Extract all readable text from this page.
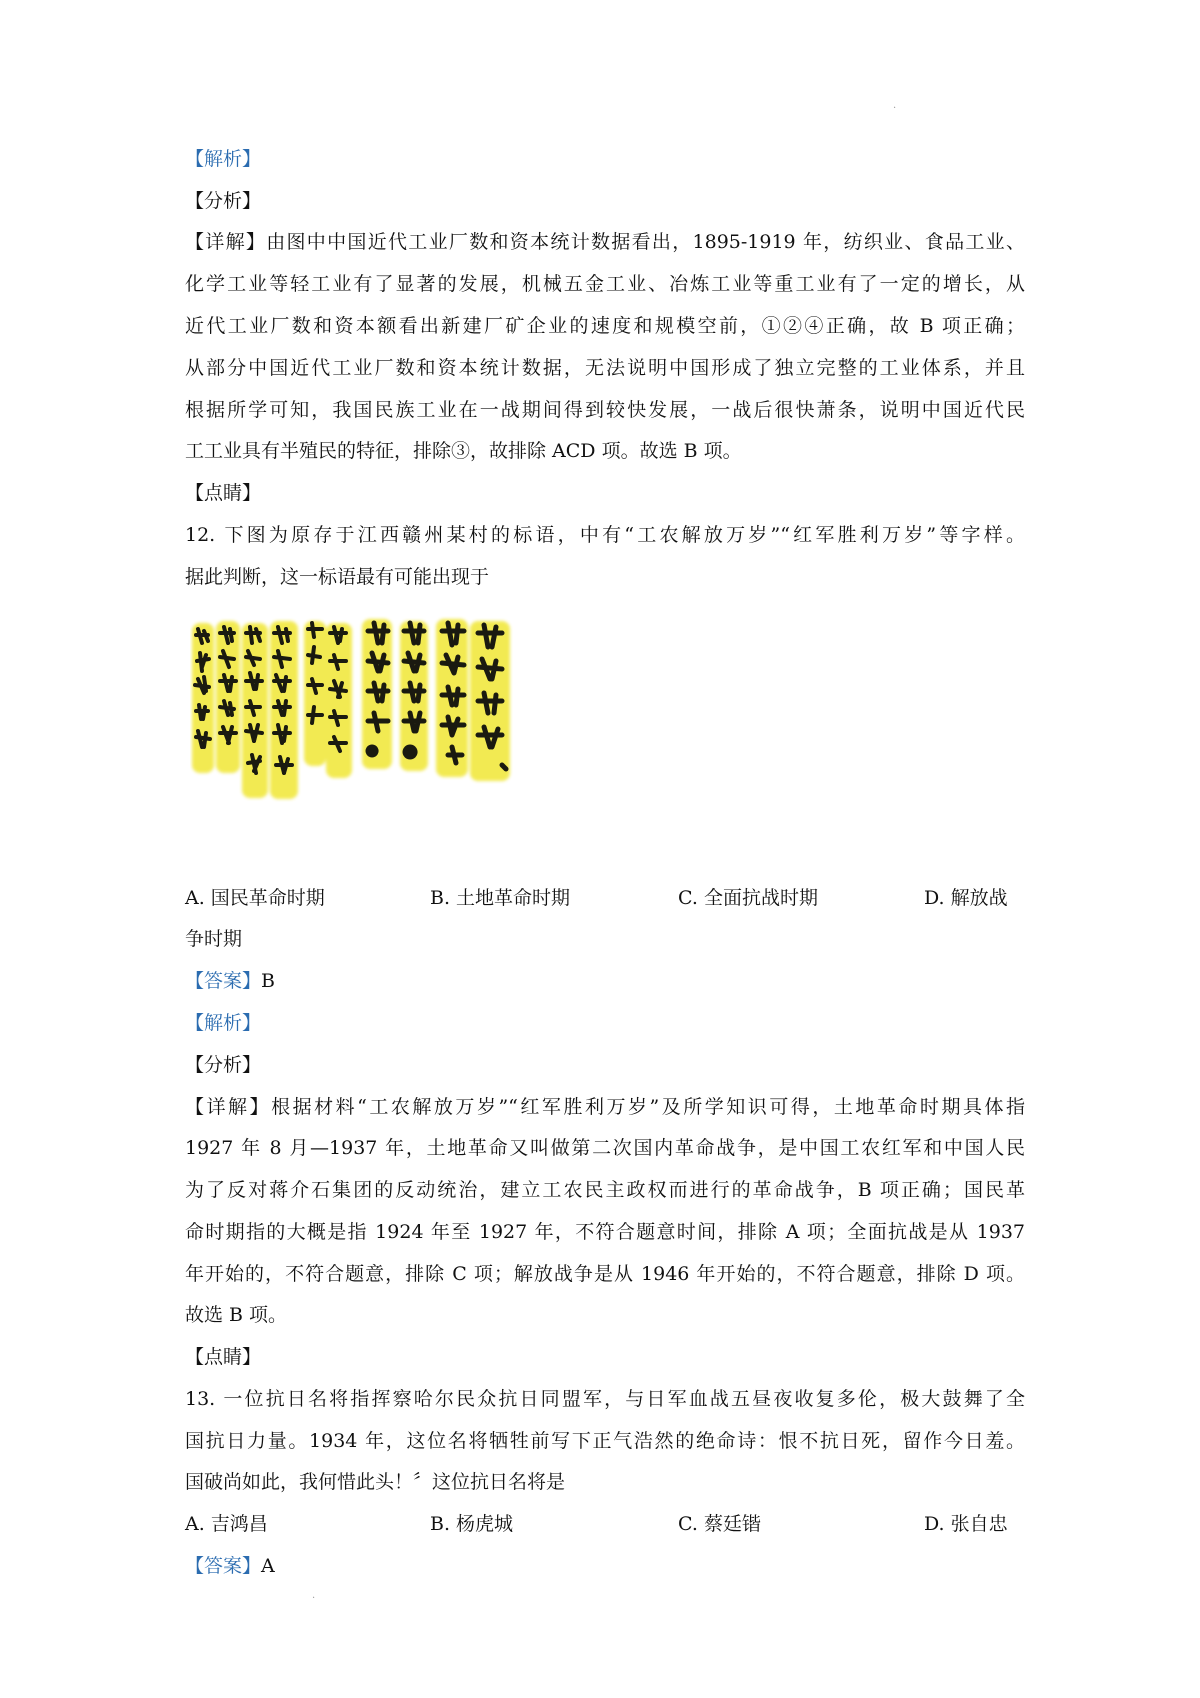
.
【解析】
【分析】
【详解】由图中中国近代工业厂数和资本统计数据看出，1895-1919 年，纺织业、食品工业、
化学工业等轻工业有了显著的发展，机械五金工业、冶炼工业等重工业有了一定的增长，从
近代工业厂数和资本额看出新建厂矿企业的速度和规模空前，①②④正确，故 B 项正确；
从部分中国近代工业厂数和资本统计数据，无法说明中国形成了独立完整的工业体系，并且
根据所学可知，我国民族工业在一战期间得到较快发展，一战后很快萧条，说明中国近代民
工工业具有半殖民的特征，排除③，故排除 ACD 项。故选 B 项。
【点睛】
12. 下图为原存于江西赣州某村的标语，中有“工农解放万岁”“红军胜利万岁”等字样。
据此判断，这一标语最有可能出现于
A. 国民革命时期	B. 土地革命时期	C. 全面抗战时期	D. 解放战
争时期
【答案】B
【解析】
【分析】
【详解】根据材料“工农解放万岁”“红军胜利万岁”及所学知识可得，土地革命时期具体指
1927 年 8 月—1937 年，土地革命又叫做第二次国内革命战争，是中国工农红军和中国人民
为了反对蒋介石集团的反动统治，建立工农民主政权而进行的革命战争，B 项正确；国民革
命时期指的大概是指 1924 年至 1927 年，不符合题意时间，排除 A 项；全面抗战是从 1937
年开始的，不符合题意，排除 C 项；解放战争是从 1946 年开始的，不符合题意，排除 D 项。
故选 B 项。
【点睛】
13. 一位抗日名将指挥察哈尔民众抗日同盟军，与日军血战五昼夜收复多伦，极大鼓舞了全
国抗日力量。1934 年，这位名将牺牲前写下正气浩然的绝命诗：恨不抗日死，留作今日羞。
国破尚如此，我何惜此头！〞这位抗日名将是
A. 吉鸿昌	B. 杨虎城	C. 蔡廷锴	D. 张自忠
【答案】A
.
